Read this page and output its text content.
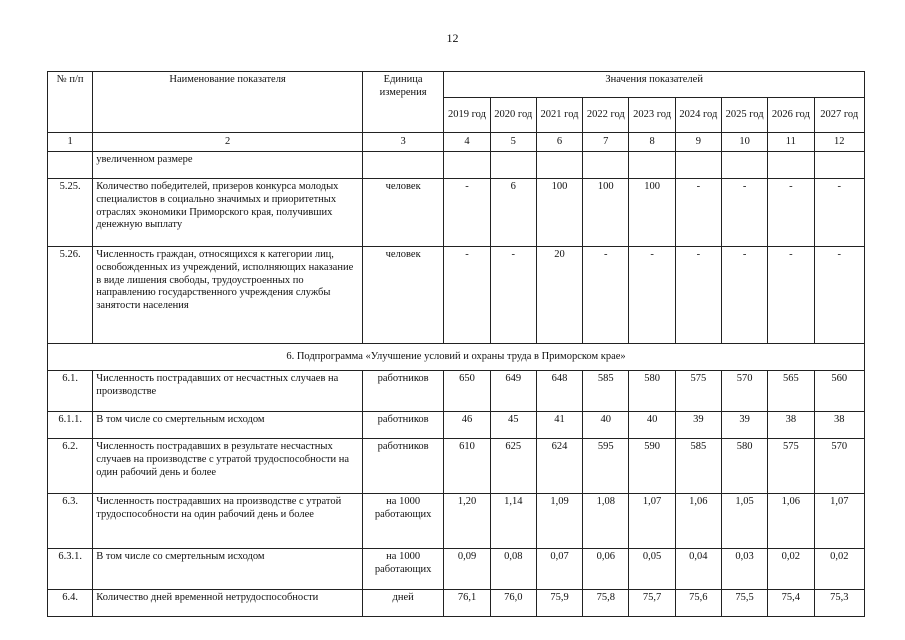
12
№ п/п	Наименование показателя	Единица измерения	Значения показателей								
			2019 год	2020 год	2021 год	2022 год	2023 год	2024 год	2025 год	2026 год	2027 год
1	2	3	4	5	6	7	8	9	10	11	12
	увеличенном размере										
5.25.	Количество победителей, призеров конкурса молодых специалистов в социально значимых и приоритетных отраслях экономики Приморского края, получивших денежную выплату	человек	-	6	100	100	100	-	-	-	-
5.26.	Численность граждан, относящихся к категории лиц, освобожденных из учреждений, исполняющих наказание в виде лишения свободы, трудоустроенных по направлению государственного учреждения службы занятости населения	человек	-	-	20	-	-	-	-	-	-
6. Подпрограмма «Улучшение условий и охраны труда в Приморском крае»											
6.1.	Численность пострадавших от несчастных случаев на производстве	работников	650	649	648	585	580	575	570	565	560
6.1.1.	В том числе со смертельным исходом	работников	46	45	41	40	40	39	39	38	38
6.2.	Численность пострадавших в результате несчастных случаев на производстве с утратой трудоспособности на один рабочий день и более	работников	610	625	624	595	590	585	580	575	570
6.3.	Численность пострадавших на производстве с утратой трудоспособности на один рабочий день и более	на 1000 работающих	1,20	1,14	1,09	1,08	1,07	1,06	1,05	1,06	1,07
6.3.1.	В том числе со смертельным исходом	на 1000 работающих	0,09	0,08	0,07	0,06	0,05	0,04	0,03	0,02	0,02
6.4.	Количество дней временной нетрудоспособности	дней	76,1	76,0	75,9	75,8	75,7	75,6	75,5	75,4	75,3
